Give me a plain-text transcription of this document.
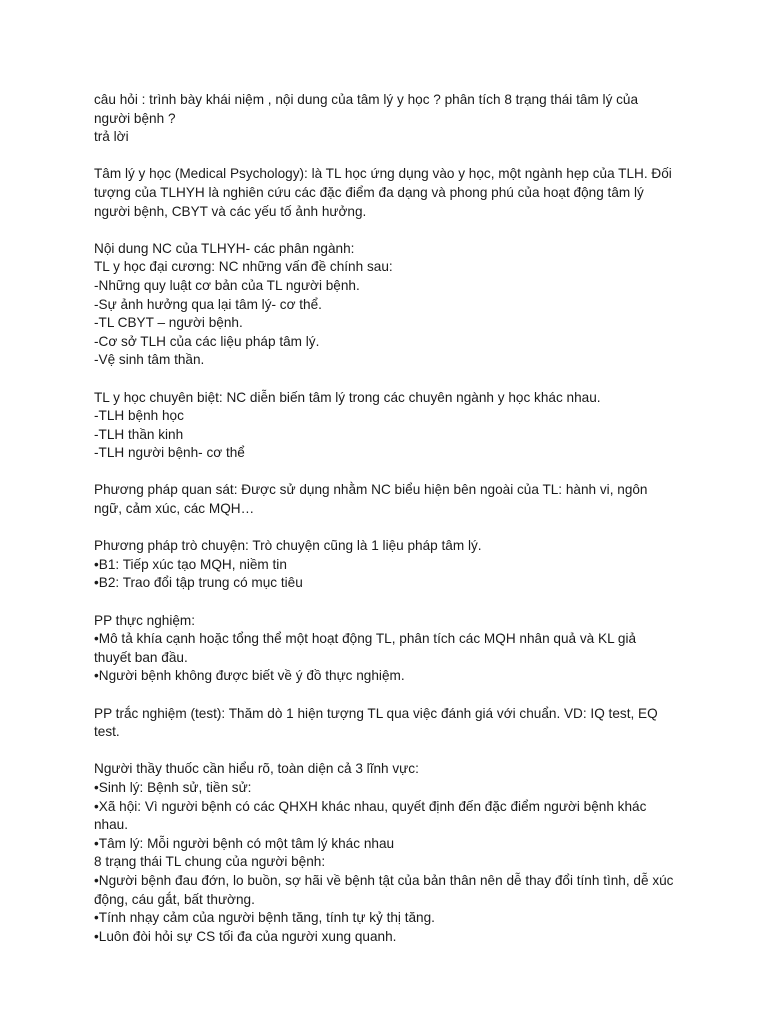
câu hỏi : trình bày khái niệm , nội dung của tâm lý y học ? phân tích 8 trạng thái tâm lý của người bệnh ?
trả lời
Tâm lý y học (Medical Psychology): là TL học ứng dụng vào y học, một ngành hẹp của TLH. Đối tượng của TLHYH là nghiên cứu các đặc điểm đa dạng và phong phú của hoạt động tâm lý người bệnh, CBYT và các yếu tố ảnh hưởng.
Nội dung NC của TLHYH- các phân ngành:
TL y học đại cương: NC những vấn đề chính sau:
-Những quy luật cơ bản của TL người bệnh.
-Sự ảnh hưởng qua lại tâm lý- cơ thể.
-TL CBYT – người bệnh.
-Cơ sở TLH của các liệu pháp tâm lý.
-Vệ sinh tâm thần.
TL y học chuyên biệt: NC diễn biến tâm lý trong các chuyên ngành y học khác nhau.
-TLH bệnh học
-TLH thần kinh
-TLH người bệnh- cơ thể
Phương pháp quan sát: Được sử dụng nhằm NC biểu hiện bên ngoài của TL: hành vi, ngôn ngữ, cảm xúc, các MQH…
Phương pháp trò chuyện: Trò chuyện cũng là 1 liệu pháp tâm lý.
•B1: Tiếp xúc tạo MQH, niềm tin
•B2: Trao đổi tập trung có mục tiêu
PP thực nghiệm:
•Mô tả khía cạnh hoặc tổng thể một hoạt động TL, phân tích các MQH nhân quả và KL giả thuyết ban đầu.
•Người bệnh không được biết về ý đồ thực nghiệm.
PP trắc nghiệm (test): Thăm dò 1 hiện tượng TL qua việc đánh giá với chuẩn. VD: IQ test, EQ test.
Người thầy thuốc cần hiểu rõ, toàn diện cả 3 lĩnh vực:
•Sinh lý: Bệnh sử, tiền sử:
•Xã hội: Vì người bệnh có các QHXH khác nhau, quyết định đến đặc điểm người bệnh khác nhau.
•Tâm lý: Mỗi người bệnh có một tâm lý khác nhau
8 trạng thái TL chung của người bệnh:
•Người bệnh đau đớn, lo buồn, sợ hãi về bệnh tật của bản thân nên dễ thay đổi tính tình, dễ xúc động, cáu gắt, bất thường.
•Tính nhạy cảm của người bệnh tăng, tính tự kỷ thị tăng.
•Luôn đòi hỏi sự CS tối đa của người xung quanh.
